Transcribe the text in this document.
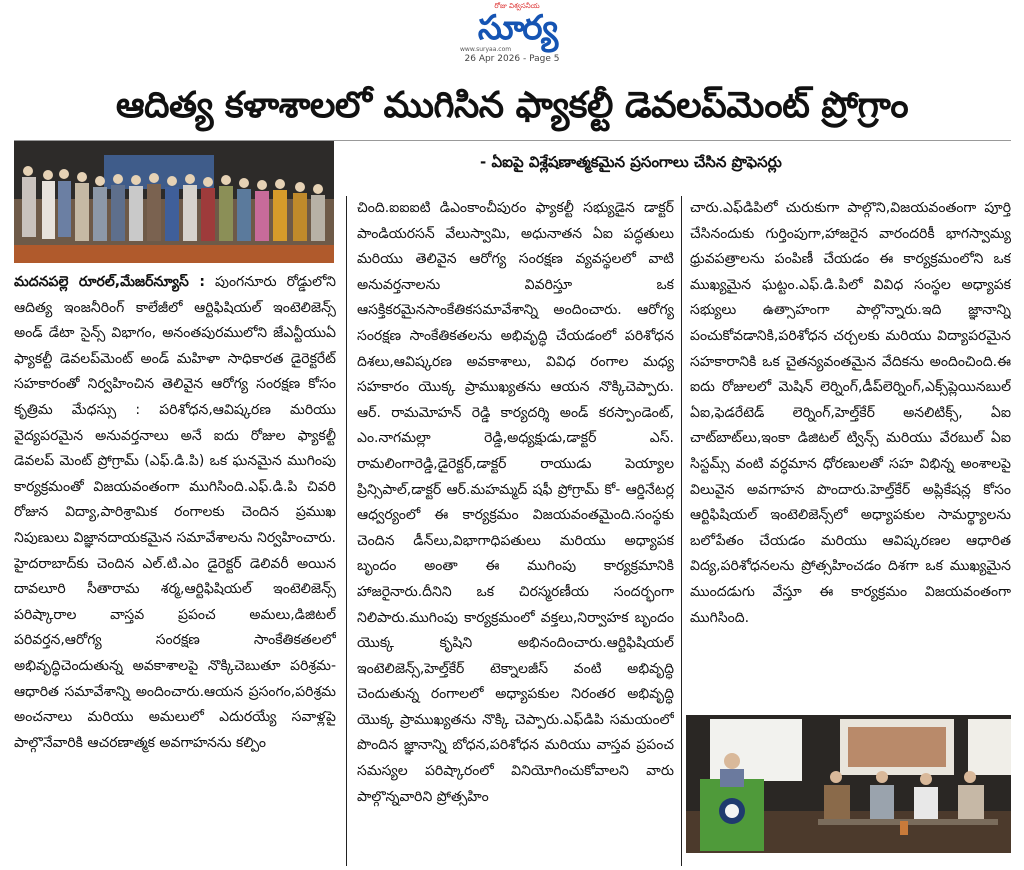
రోజు విశ్వసనీయ
సూర్య
www.suryaa.com
26 Apr 2026 - Page 5
ఆదిత్య కళాశాలలో ముగిసిన ఫ్యాకల్టీ డెవలప్‌మెంట్ ప్రోగ్రాం
- ఏఐపై విశ్లేషణాత్మకమైన ప్రసంగాలు చేసిన ప్రొఫెసర్లు
మదనపల్లె రూరల్,మేజర్‌న్యూస్ : పుంగనూరు రోడ్డులోని ఆదిత్య ఇంజనీరింగ్ కాలేజీలో ఆర్టిఫిషియల్ ఇంటెలిజెన్స్ అండ్ డేటా సైన్స్ విభాగం, అనంతపురములోని జేఎన్టీయుఏ ఫ్యాకల్టీ డెవలప్‌మెంట్ అండ్ మహిళా సాధికారత డైరెక్టరేట్ సహకారంతో నిర్వహించిన తెలివైన ఆరోగ్య సంరక్షణ కోసం కృత్రిమ మేధస్సు : పరిశోధన,ఆవిష్కరణ మరియు వైద్యపరమైన అనువర్తనాలు అనే ఐదు రోజుల ఫ్యాకల్టీ డెవలప్ మెంట్ ప్రోగ్రామ్ (ఎఫ్.డి.పి) ఒక ఘనమైన ముగింపు కార్యక్రమంతో విజయవంతంగా ముగిసింది.ఎఫ్.డి.పి చివరి రోజున విద్యా,పారిశ్రామిక రంగాలకు చెందిన ప్రముఖ నిపుణులు విజ్ఞానదాయకమైన సమావేశాలను నిర్వహించారు. హైదరాబాద్‌కు చెందిన ఎల్.టి.ఎం డైరెక్టర్ డెలివరీ అయిన దావలూరి సీతారామ శర్మ,ఆర్టిఫిషియల్ ఇంటెలిజెన్స్ పరిష్కారాల వాస్తవ ప్రపంచ అమలు,డిజిటల్ పరివర్తన,ఆరోగ్య సంరక్షణ సాంకేతికతలలో అభివృద్ధిచెందుతున్న అవకాశాలపై నొక్కిచెబుతూ పరిశ్రమ-ఆధారిత సమావేశాన్ని అందించారు.ఆయన ప్రసంగం,పరిశ్రమ అంచనాలు మరియు అమలులో ఎదురయ్యే సవాళ్లపై పాల్గొనేవారికి ఆచరణాత్మక అవగాహనను కల్పిం
చింది.ఐఐఐటి డిఎంకాంచీపురం ఫ్యాకల్టీ సభ్యుడైన డాక్టర్ పాండియరసన్ వేలుస్వామి, అధునాతన ఏఐ పద్ధతులు మరియు తెలివైన ఆరోగ్య సంరక్షణ వ్యవస్థలలో వాటి అనువర్తనాలను వివరిస్తూ ఒక ఆసక్తికరమైనసాంకేతికసమావేశాన్ని అందించారు. ఆరోగ్య సంరక్షణ సాంకేతికతలను అభివృద్ధి చేయడంలో పరిశోధన దిశలు,ఆవిష్కరణ అవకాశాలు, వివిధ రంగాల మధ్య సహకారం యొక్క ప్రాముఖ్యతను ఆయన నొక్కిచెప్పారు. ఆర్. రామమోహన్ రెడ్డి కార్యదర్శి అండ్ కరస్పాండెంట్, ఎం.నాగమల్లా రెడ్డి,అధ్యక్షుడు,డాక్టర్ ఎస్. రామలింగారెడ్డి,డైరెక్టర్,డాక్టర్ రాయుడు పెయ్యాల ప్రిన్సిపాల్,డాక్టర్ ఆర్.మహమ్మద్ షఫీ ప్రోగ్రామ్ కో- ఆర్డినేటర్ల ఆధ్వర్యంలో ఈ కార్యక్రమం విజయవంతమైంది.సంస్థకు చెందిన డీన్‌లు,విభాగాధిపతులు మరియు అధ్యాపక బృందం అంతా ఈ ముగింపు కార్యక్రమానికి హాజరైనారు.దీనిని ఒక చిరస్మరణీయ సందర్భంగా నిలిపారు.ముగింపు కార్యక్రమంలో వక్తలు,నిర్వాహక బృందం యొక్క కృషిని అభినందించారు.ఆర్టిఫిషియల్ ఇంటెలిజెన్స్,హెల్త్‌కేర్ టెక్నాలజీస్ వంటి అభివృద్ధి చెందుతున్న రంగాలలో అధ్యాపకుల నిరంతర అభివృద్ధి యొక్క ప్రాముఖ్యతను నొక్కి చెప్పారు.ఎఫ్‌డిపి సమయంలో పొందిన జ్ఞానాన్ని బోధన,పరిశోధన మరియు వాస్తవ ప్రపంచ సమస్యల పరిష్కారంలో వినియోగించుకోవాలని వారు పాల్గొన్నవారిని ప్రోత్సహిం
చారు.ఎఫ్‌డిపిలో చురుకుగా పాల్గొని,విజయవంతంగా పూర్తి చేసినందుకు గుర్తింపుగా,హాజరైన వారందరికీ భాగస్వామ్య ధ్రువపత్రాలను పంపిణీ చేయడం ఈ కార్యక్రమంలోని ఒక ముఖ్యమైన ఘట్టం.ఎఫ్.డి.పిలో వివిధ సంస్థల అధ్యాపక సభ్యులు ఉత్సాహంగా పాల్గొన్నారు.ఇది జ్ఞానాన్ని పంచుకోవడానికి,పరిశోధన చర్చలకు మరియు విద్యాపరమైన సహకారానికి ఒక చైతన్యవంతమైన వేదికను అందించింది.ఈ ఐదు రోజులలో మెషిన్ లెర్నింగ్,డీప్‌లెర్నింగ్,ఎక్స్‌ప్లెయినబుల్ ఏఐ,ఫెడరేటెడ్ లెర్నింగ్,హెల్త్‌కేర్ అనలిటిక్స్, ఏఐ చాట్‌బాట్‌లు,ఇంకా డిజిటల్ ట్విన్స్ మరియు వేరబుల్ ఏఐ సిస్టమ్స్ వంటి వర్ధమాన ధోరణులతో సహ విభిన్న అంశాలపై విలువైన అవగాహన పొందారు.హెల్త్‌కేర్ అప్లికేషన్ల కోసం ఆర్టిఫిషియల్ ఇంటెలిజెన్స్‌లో అధ్యాపకుల సామర్థ్యాలను బలోపేతం చేయడం మరియు ఆవిష్కరణల ఆధారిత విద్య,పరిశోధనలను ప్రోత్సహించడం దిశగా ఒక ముఖ్యమైన ముందడుగు వేస్తూ ఈ కార్యక్రమం విజయవంతంగా ముగిసింది.
